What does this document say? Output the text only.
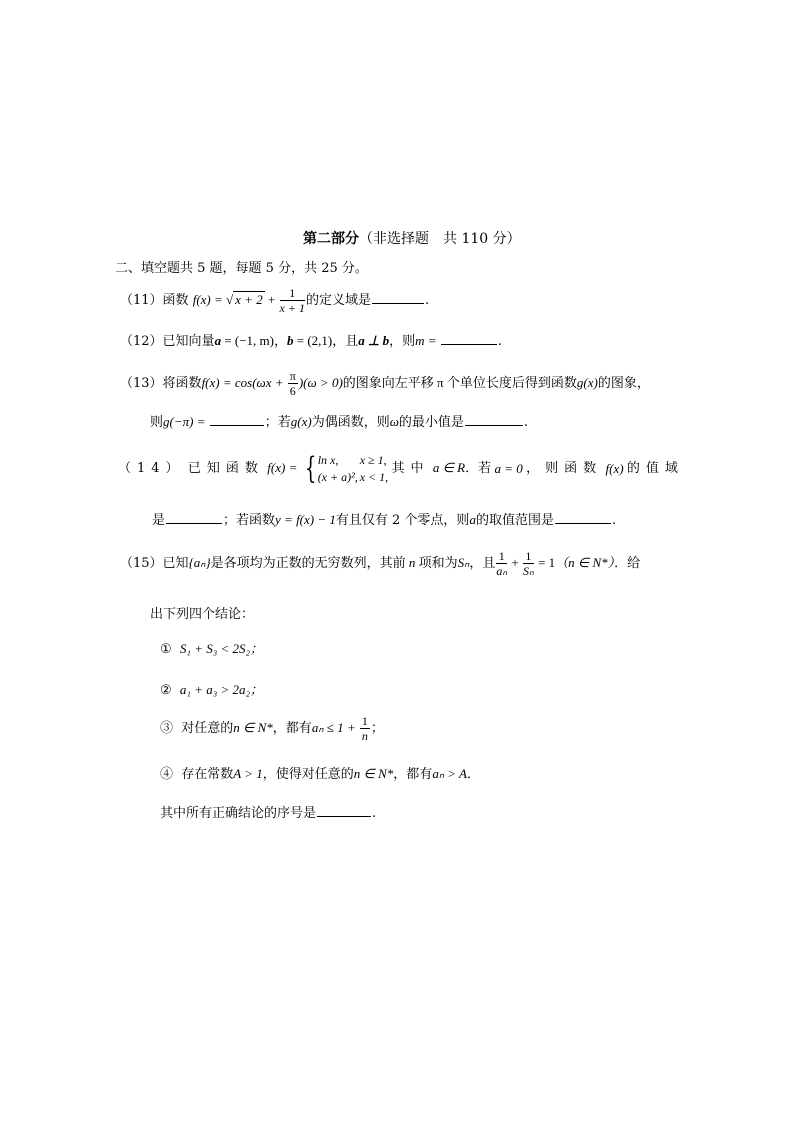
第二部分（非选择题　共 110 分）
二、填空题共 5 题，每题 5 分，共 25 分。
（11）函数 f(x) = √ $x + 2 + \frac{1}{x + 1}$ 的定义域是	.
（12）已知向量a = (−1, m)，b = (2,1)，且a ⊥ b，则m =	.
（13）将函数$f(x) = \cos(\omega x + \frac{\pi}{6} )(\omega > 0)$的图象向左平移 π 个单位长度后得到函数g(x)的图象，
则g(−π) =	；若g(x)为偶函数，则ω的最小值是	.
（14） 已知函数 f(x) = { ln x, x ≥ 1,
(x + a)²,x < 1,
其中 a ∈ R．若 a = 0 ，则函数 f(x) 的值域
是	；若函数y = f(x) − 1有且仅有 2 个零点，则a的取值范围是	.
（15）已知{aₙ}是各项均为正数的无穷数列，其前 n 项和为Sₙ，且 $\frac{1}{\text{aₙ}} + \frac{1}{\text{Sₙ}} = 1(n$ ∈ N*）．给
出下列四个结论：
① S₁ + S₃ < 2S₂；
② a₁ + a₃ > 2a₂；
③ 对任意的n ∈ N*，都有$a_n \le 1 + \frac{1}{n}$ ；
④ 存在常数A > 1，使得对任意的n ∈ N*，都有aₙ > A．
其中所有正确结论的序号是	.
